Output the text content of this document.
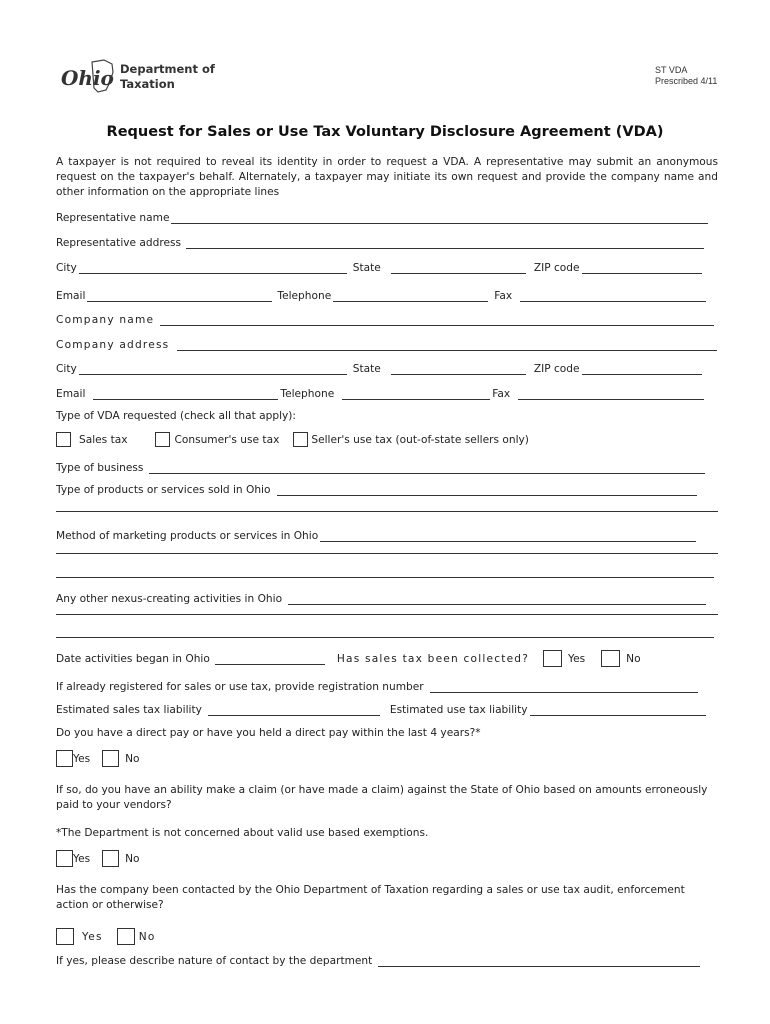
Ohio Department of
Taxation
ST VDA
Prescribed 4/11
Request for Sales or Use Tax Voluntary Disclosure Agreement (VDA)
A taxpayer is not required to reveal its identity in order to request a VDA. A representative may submit an anonymous request on the taxpayer's behalf. Alternately, a taxpayer may initiate its own request and provide the company name and other information on the appropriate lines
Representative name
Representative address
City	State	ZIP code
Email	Telephone	Fax
Company name
Company address
City	State	ZIP code
Email	Telephone	Fax
Type of VDA requested (check all that apply):
Sales tax	Consumer's use tax	Seller's use tax (out-of-state sellers only)
Type of business
Type of products or services sold in Ohio
Method of marketing products or services in Ohio
Any other nexus-creating activities in Ohio
Date activities began in Ohio	Has sales tax been collected?	Yes	No
If already registered for sales or use tax, provide registration number
Estimated sales tax liability	Estimated use tax liability
Do you have a direct pay or have you held a direct pay within the last 4 years?*
Yes	No
If so, do you have an ability make a claim (or have made a claim) against the State of Ohio based on amounts erroneously paid to your vendors?
*The Department is not concerned about valid use based exemptions.
Yes	No
Has the company been contacted by the Ohio Department of Taxation regarding a sales or use tax audit, enforcement action or otherwise?
Yes	No
If yes, please describe nature of contact by the department
